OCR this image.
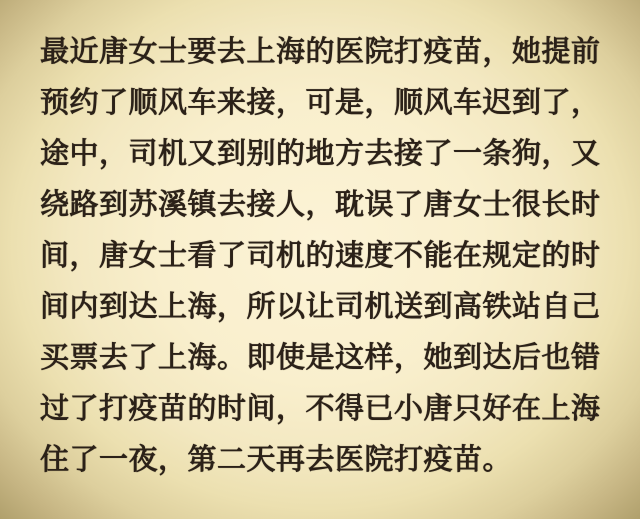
最近唐女士要去上海的医院打疫苗，她提前
预约了顺风车来接，可是，顺风车迟到了，
途中，司机又到别的地方去接了一条狗，又
绕路到苏溪镇去接人，耽误了唐女士很长时
间，唐女士看了司机的速度不能在规定的时
间内到达上海，所以让司机送到高铁站自己
买票去了上海。即使是这样，她到达后也错
过了打疫苗的时间，不得已小唐只好在上海
住了一夜，第二天再去医院打疫苗。
